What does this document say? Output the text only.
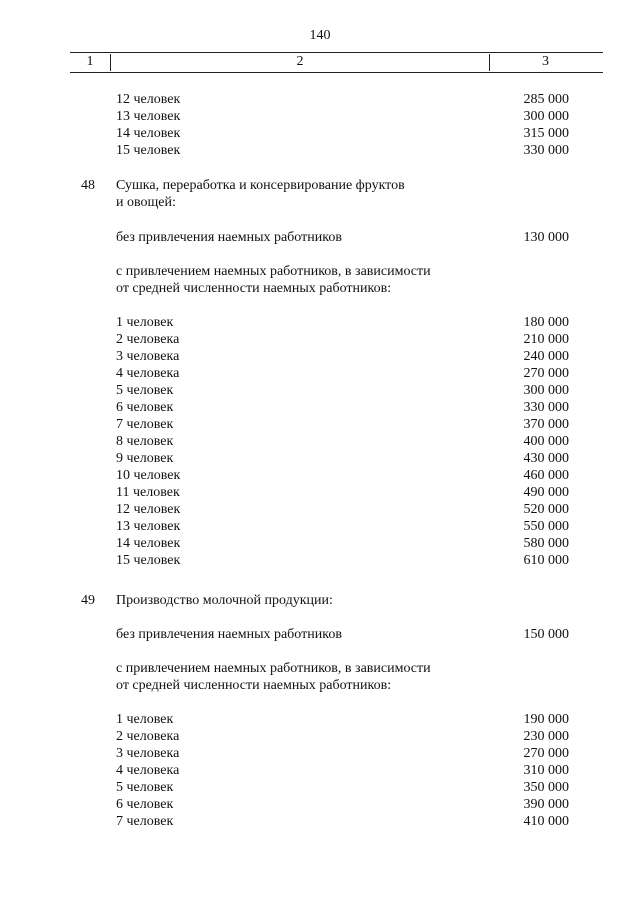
140
1	2	3
12 человек	285 000
13 человек	300 000
14 человек	315 000
15 человек	330 000
48 Сушка, переработка и консервирование фруктов
и овощей:
без привлечения наемных работников	130 000
с привлечением наемных работников, в зависимости
от средней численности наемных работников:
1 человек	180 000
2 человека	210 000
3 человека	240 000
4 человека	270 000
5 человек	300 000
6 человек	330 000
7 человек	370 000
8 человек	400 000
9 человек	430 000
10 человек	460 000
11 человек	490 000
12 человек	520 000
13 человек	550 000
14 человек	580 000
15 человек	610 000
49 Производство молочной продукции:
без привлечения наемных работников	150 000
с привлечением наемных работников, в зависимости
от средней численности наемных работников:
1 человек	190 000
2 человека	230 000
3 человека	270 000
4 человека	310 000
5 человек	350 000
6 человек	390 000
7 человек	410 000
